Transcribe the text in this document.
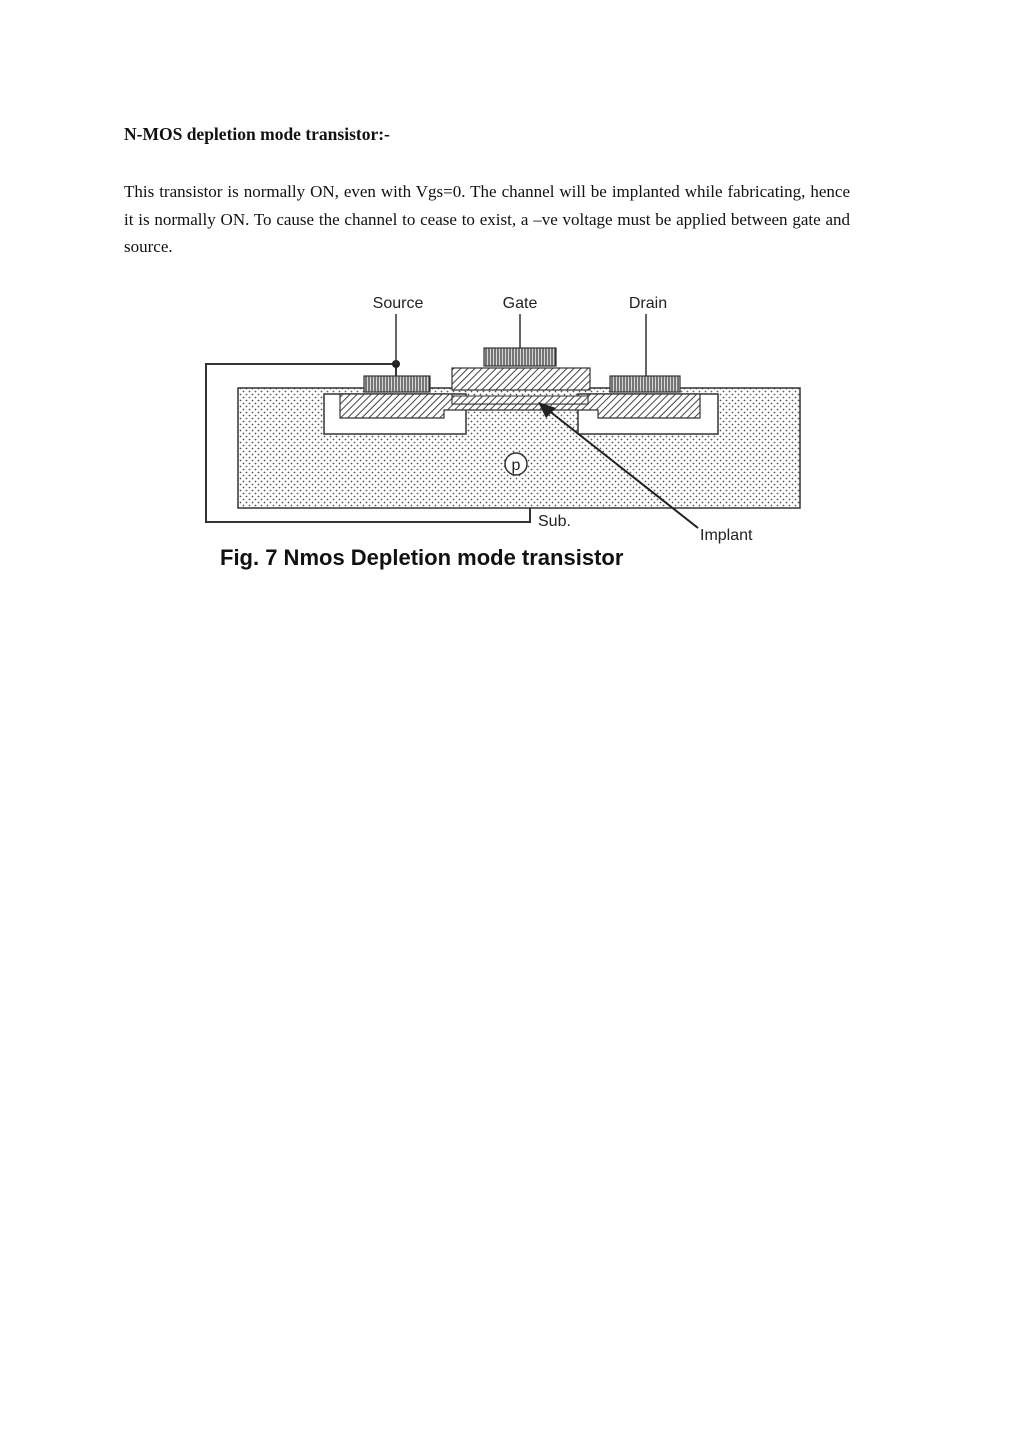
N-MOS depletion mode transistor:-

This transistor is normally ON, even with Vgs=0. The channel will be implanted while fabricating, hence it is normally ON. To cause the channel to cease to exist, a –ve voltage must be applied between gate and source.

p
Source	Gate	Drain
Sub.
Implant
Fig. 7 Nmos Depletion mode transistor
